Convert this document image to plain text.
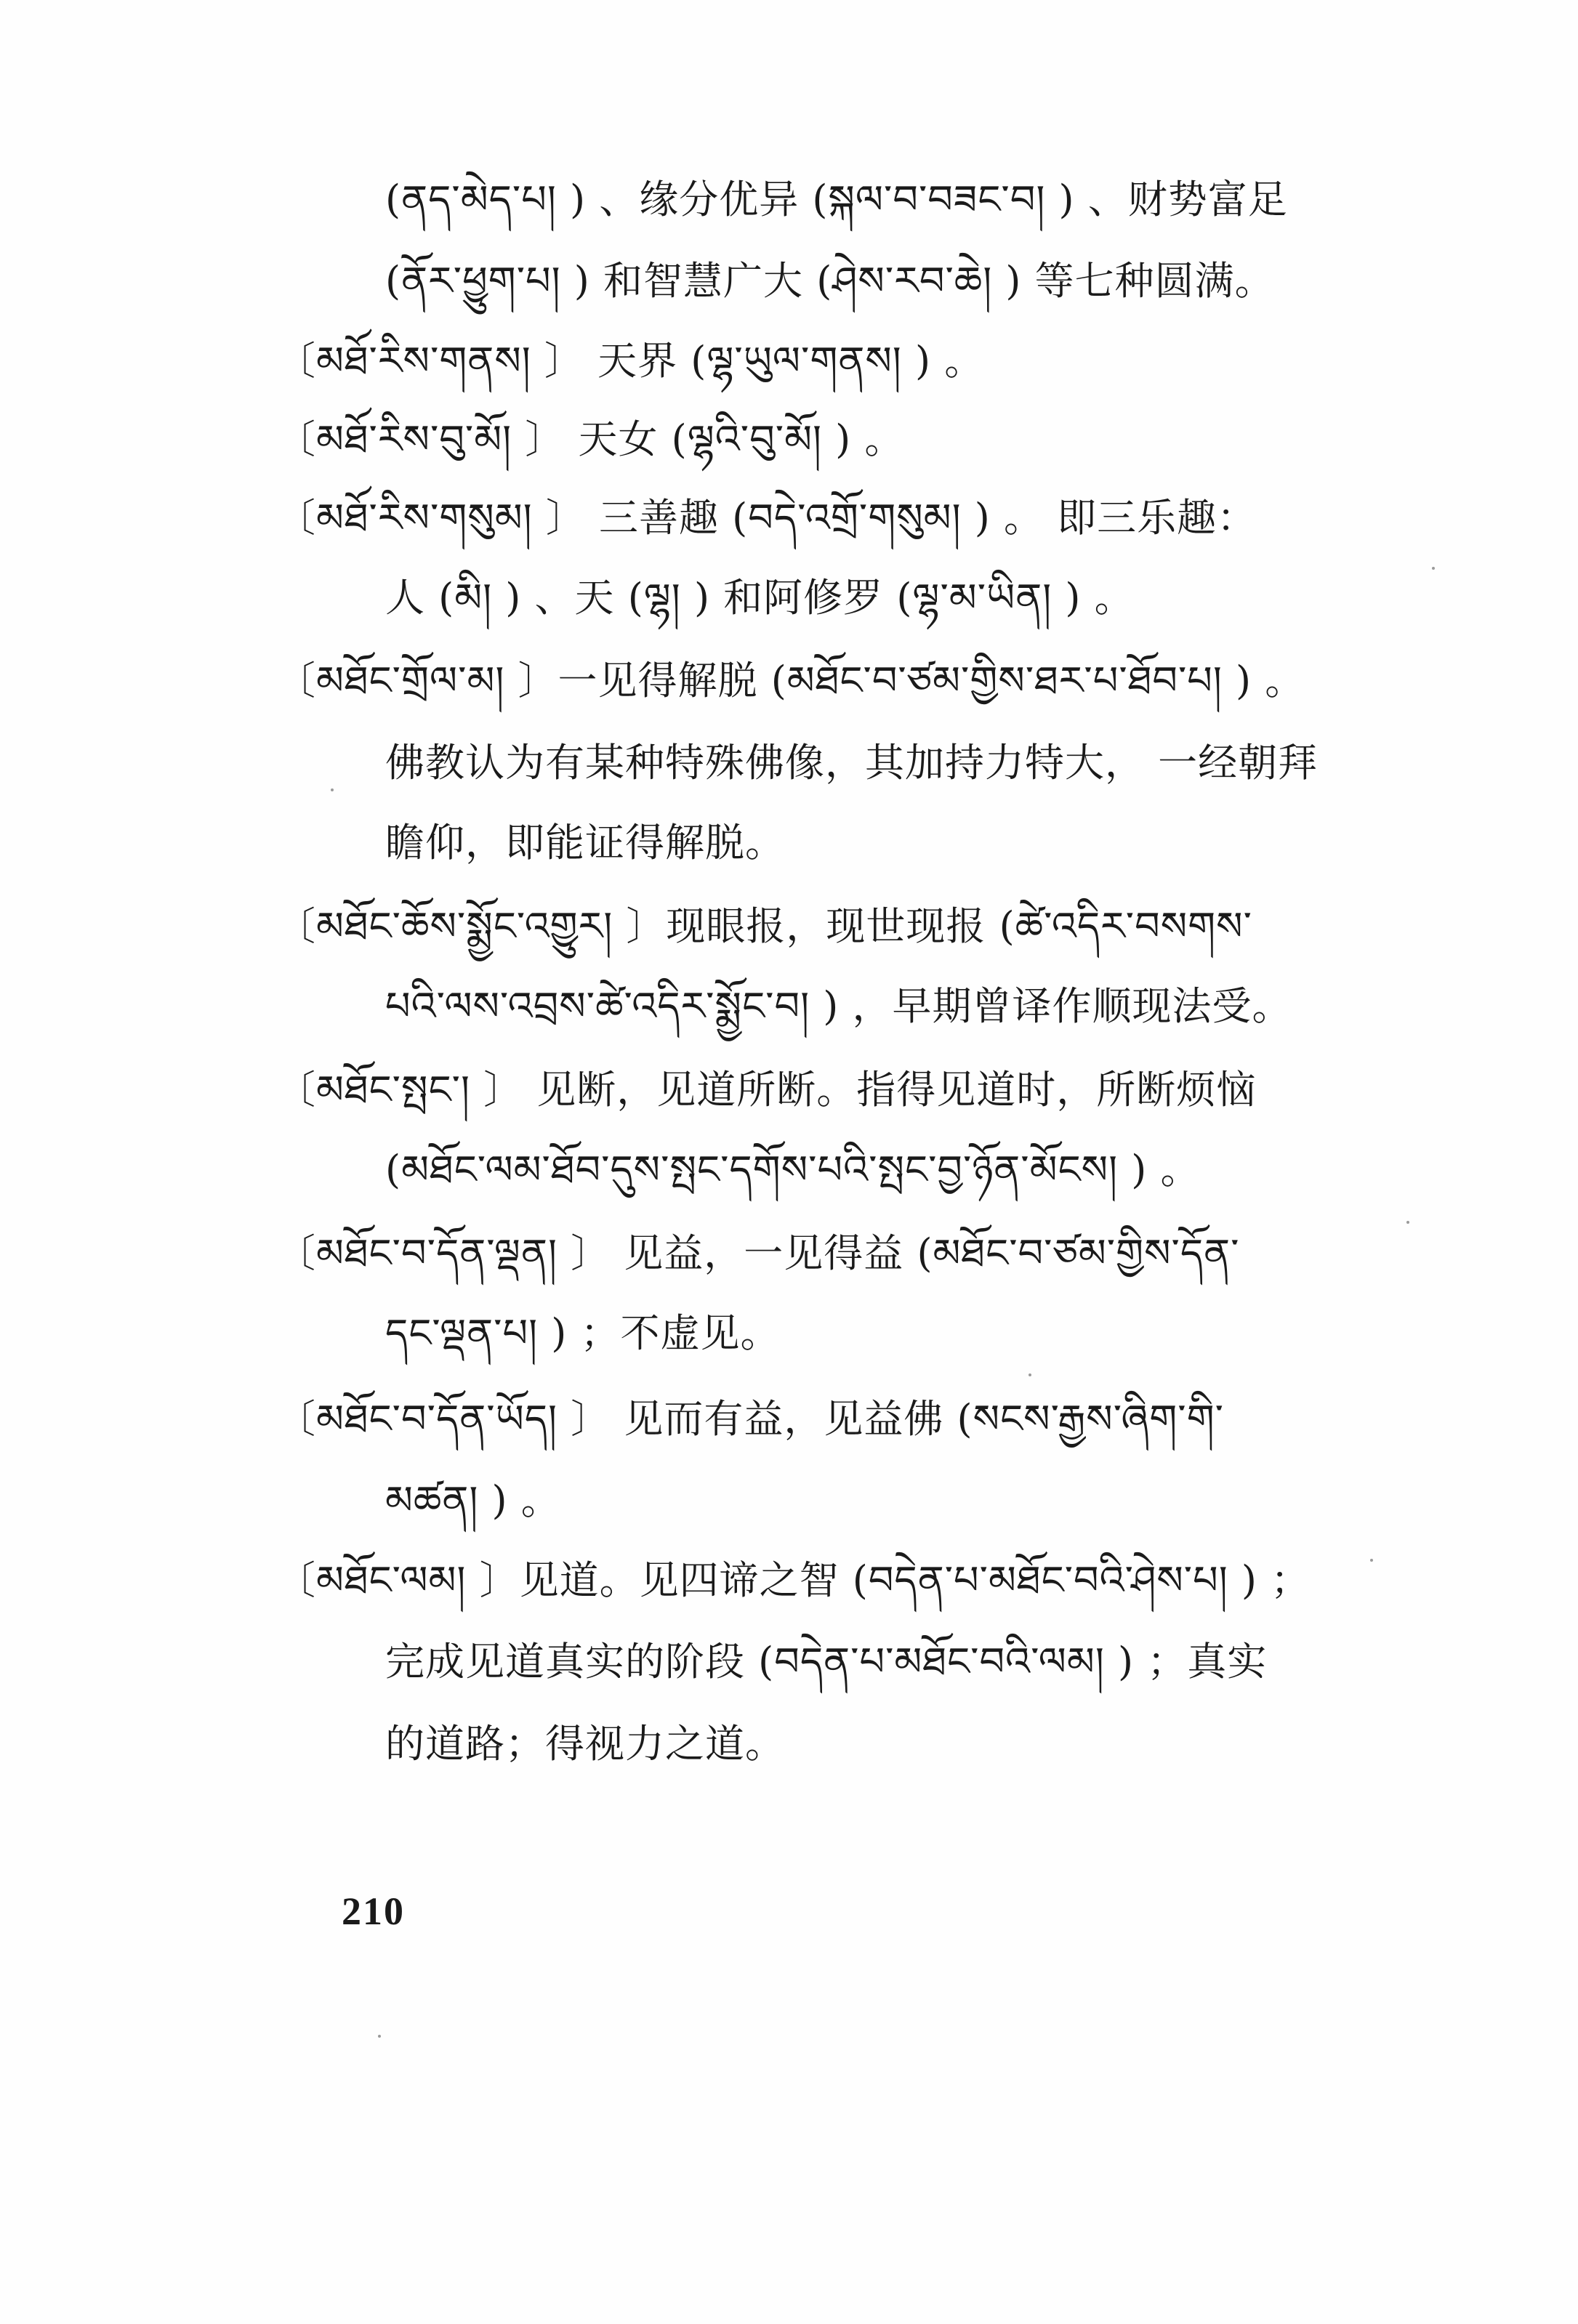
(ནད་མེད་པ། ) 、缘分优异 (སྐལ་བ་བཟང་བ། ) 、财势富足
(ནོར་ཕྱུག་པ། ) 和智慧广大 (ཤེས་རབ་ཆེ། ) 等七种圆满。
〔མཐོ་རིས་གནས། 〕 天界 (ལྷ་ཡུལ་གནས། ) 。
〔མཐོ་རིས་བུ་མོ། 〕 天女 (ལྷའི་བུ་མོ། ) 。
〔མཐོ་རིས་གསུམ། 〕 三善趣 (བདེ་འགྲོ་གསུམ། ) 。 即三乐趣：
人 (མི། ) 、天 (ལྷ། ) 和阿修罗 (ལྷ་མ་ཡིན། ) 。
〔མཐོང་གྲོལ་མ། 〕一见得解脱 (མཐོང་བ་ཙམ་གྱིས་ཐར་པ་ཐོབ་པ། ) 。
佛教认为有某种特殊佛像，其加持力特大， 一经朝拜
瞻仰，即能证得解脱。
〔མཐོང་ཆོས་སྨྱོང་འགྱུར། 〕现眼报，现世现报 (ཚེ་འདིར་བསགས་
པའི་ལས་འབྲས་ཚེ་འདིར་སྨྱོང་བ། ) ，早期曾译作顺现法受。
〔མཐོང་སྤང་། 〕 见断，见道所断。指得见道时，所断烦恼
(མཐོང་ལམ་ཐོབ་དུས་སྤང་དགོས་པའི་སྤང་བྱ་ཉོན་མོངས། ) 。
〔མཐོང་བ་དོན་ལྡན། 〕 见益，一见得益 (མཐོང་བ་ཙམ་གྱིས་དོན་
དང་ལྡན་པ། ) ；不虚见。
〔མཐོང་བ་དོན་ཡོད། 〕 见而有益，见益佛 (སངས་རྒྱས་ཞིག་གི་
མཚན། ) 。
〔མཐོང་ལམ། 〕见道。见四谛之智 (བདེན་པ་མཐོང་བའི་ཤེས་པ། ) ；
完成见道真实的阶段 (བདེན་པ་མཐོང་བའི་ལམ། ) ；真实
的道路；得视力之道。
210
